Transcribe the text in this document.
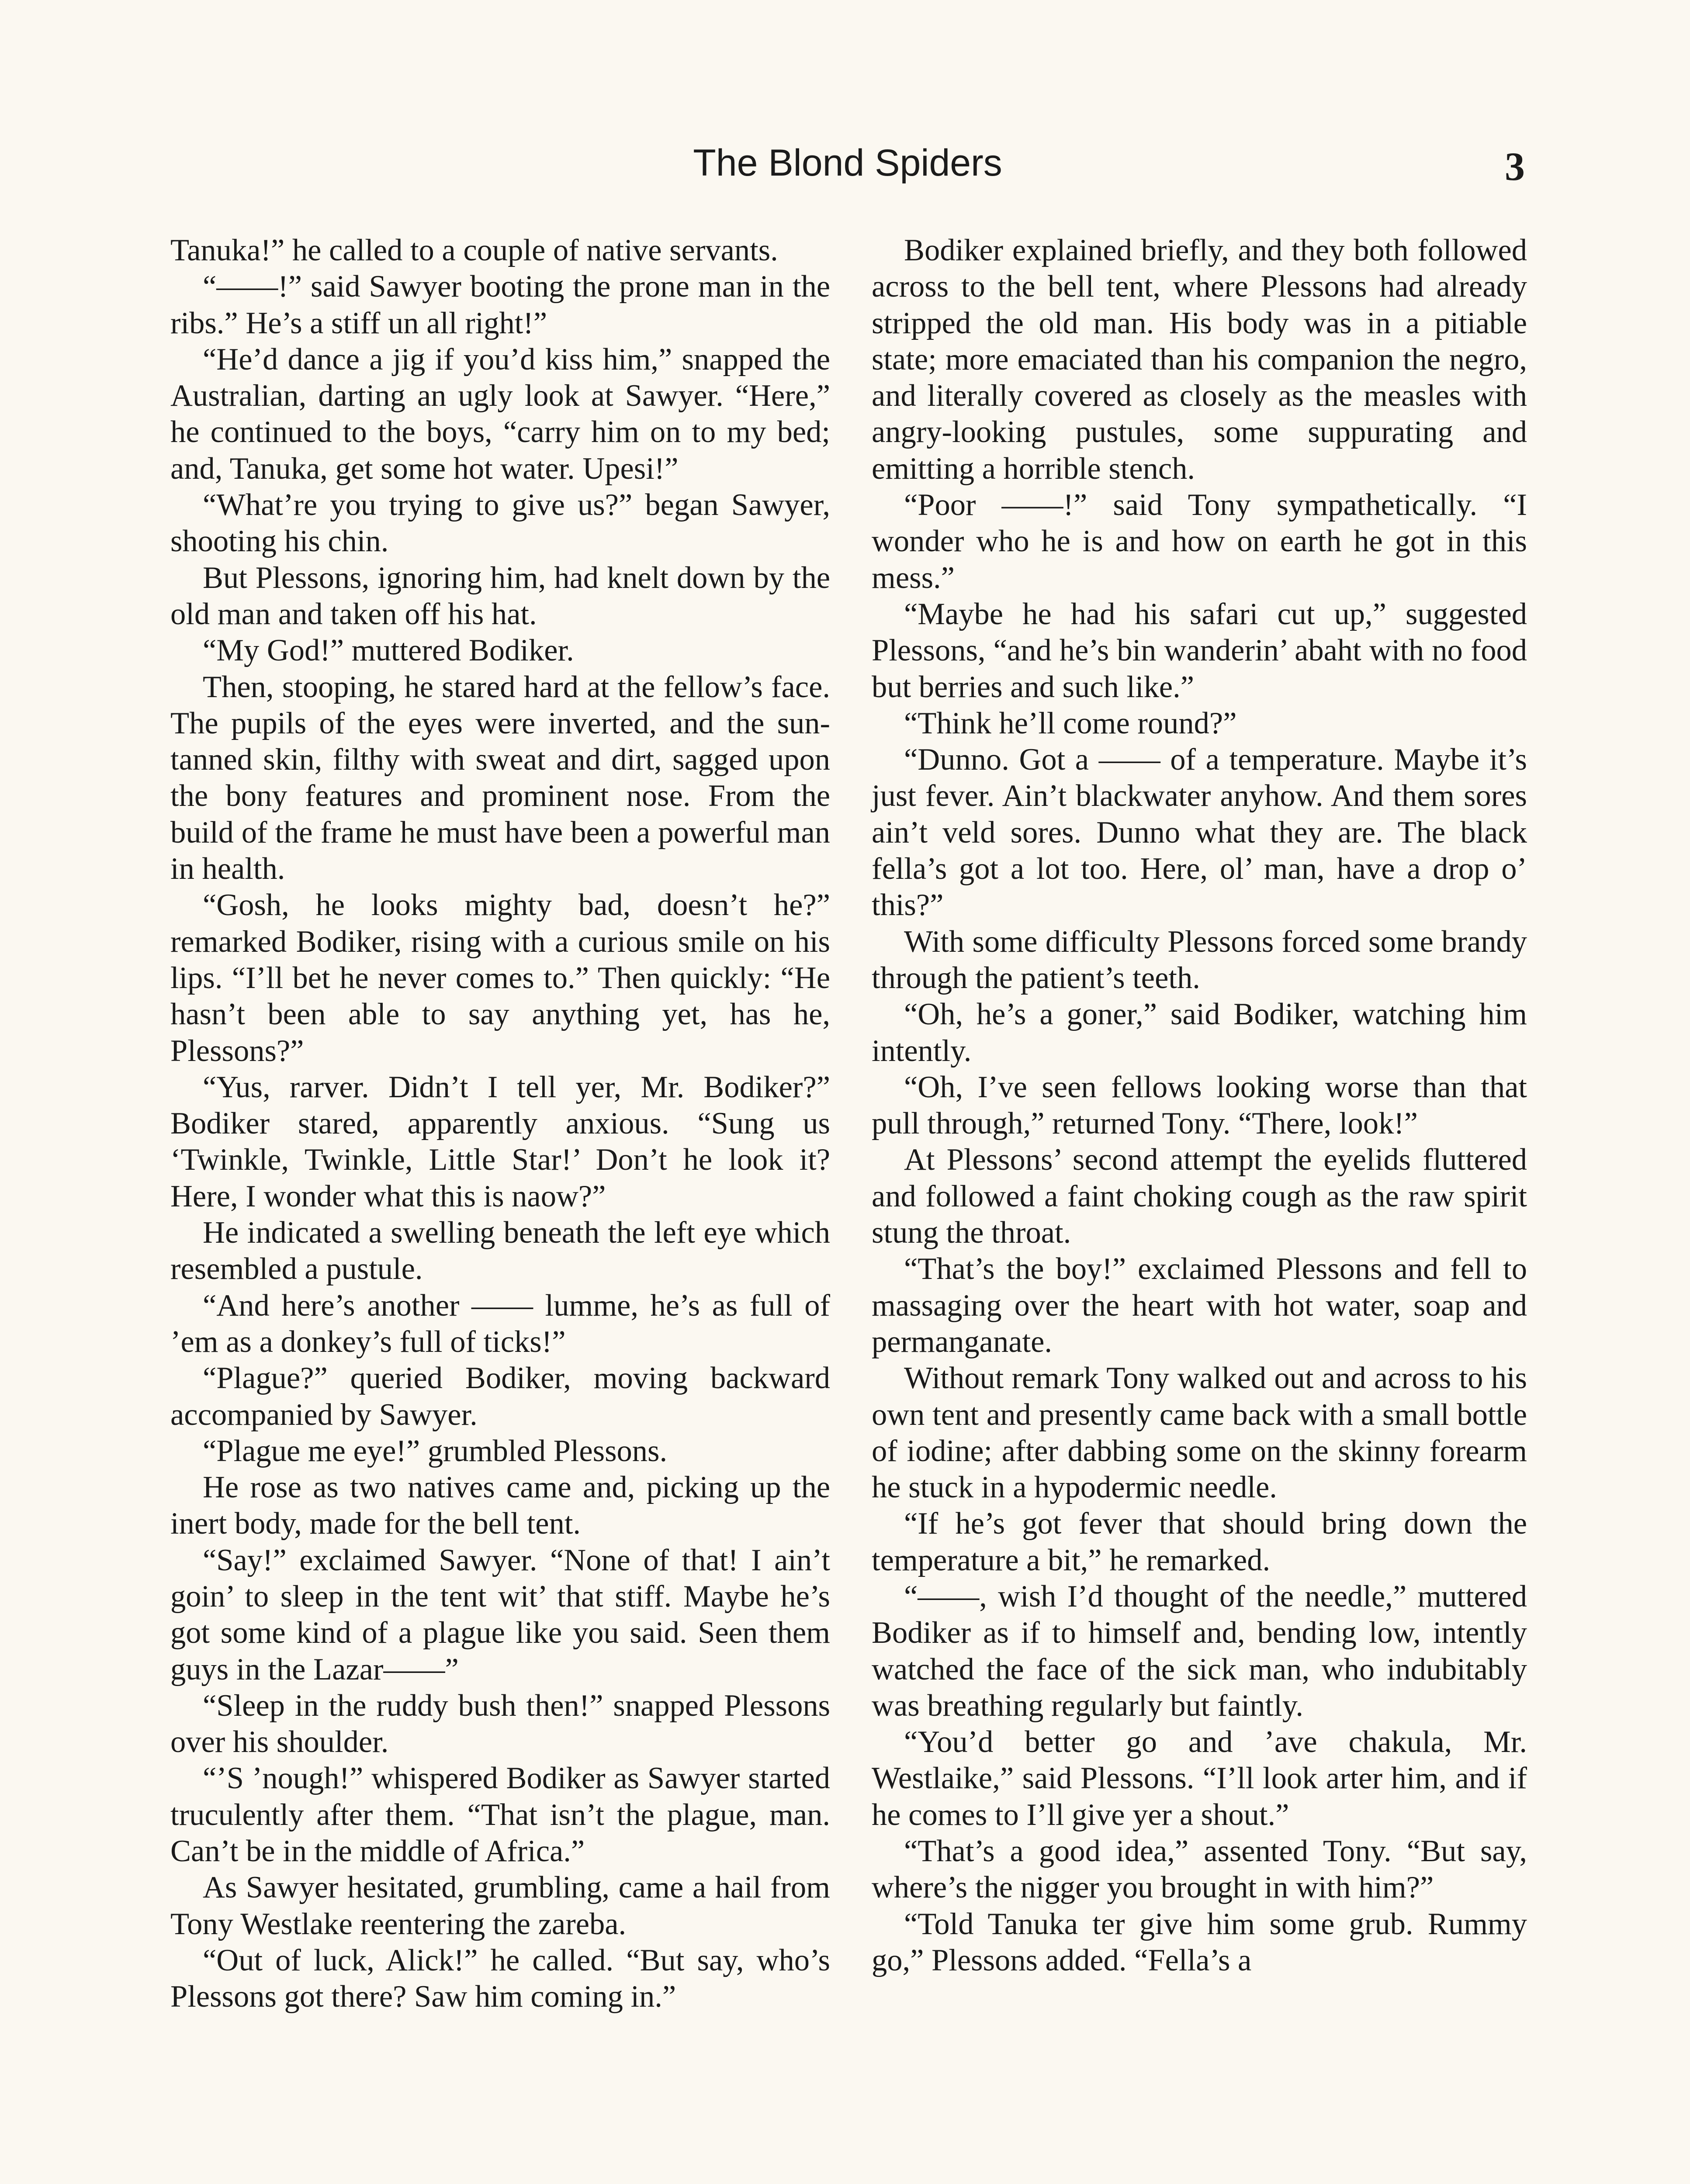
The Blond Spiders	3

Tanuka!” he called to a couple of native servants.

“——!” said Sawyer booting the prone man in the ribs.” He’s a stiff un all right!”

“He’d dance a jig if you’d kiss him,” snapped the Australian, darting an ugly look at Sawyer. “Here,” he continued to the boys, “carry him on to my bed; and, Tanuka, get some hot water. Upesi!”

“What’re you trying to give us?” began Sawyer, shooting his chin.

But Plessons, ignoring him, had knelt down by the old man and taken off his hat.

“My God!” muttered Bodiker.

Then, stooping, he stared hard at the fellow’s face. The pupils of the eyes were inverted, and the sun-tanned skin, filthy with sweat and dirt, sagged upon the bony features and prominent nose. From the build of the frame he must have been a powerful man in health.

“Gosh, he looks mighty bad, doesn’t he?” remarked Bodiker, rising with a curious smile on his lips. “I’ll bet he never comes to.” Then quickly: “He hasn’t been able to say anything yet, has he, Plessons?”

“Yus, rarver. Didn’t I tell yer, Mr. Bodiker?” Bodiker stared, apparently anxious. “Sung us ‘Twinkle, Twinkle, Little Star!’ Don’t he look it? Here, I wonder what this is naow?”

He indicated a swelling beneath the left eye which resembled a pustule.

“And here’s another —— lumme, he’s as full of ’em as a donkey’s full of ticks!”

“Plague?” queried Bodiker, moving backward accompanied by Sawyer.

“Plague me eye!” grumbled Plessons.

He rose as two natives came and, picking up the inert body, made for the bell tent.

“Say!” exclaimed Sawyer. “None of that! I ain’t goin’ to sleep in the tent wit’ that stiff. Maybe he’s got some kind of a plague like you said. Seen them guys in the Lazar——”

“Sleep in the ruddy bush then!” snapped Plessons over his shoulder.

“’S ’nough!” whispered Bodiker as Sawyer started truculently after them. “That isn’t the plague, man. Can’t be in the middle of Africa.”

As Sawyer hesitated, grumbling, came a hail from Tony Westlake reentering the zareba.

“Out of luck, Alick!” he called. “But say, who’s Plessons got there? Saw him coming in.”

Bodiker explained briefly, and they both followed across to the bell tent, where Plessons had already stripped the old man. His body was in a pitiable state; more emaciated than his companion the negro, and literally covered as closely as the measles with angry-looking pustules, some suppurating and emitting a horrible stench.

“Poor ——!” said Tony sympathetically. “I wonder who he is and how on earth he got in this mess.”

“Maybe he had his safari cut up,” suggested Plessons, “and he’s bin wanderin’ abaht with no food but berries and such like.”

“Think he’ll come round?”

“Dunno. Got a —— of a temperature. Maybe it’s just fever. Ain’t blackwater anyhow. And them sores ain’t veld sores. Dunno what they are. The black fella’s got a lot too. Here, ol’ man, have a drop o’ this?”

With some difficulty Plessons forced some brandy through the patient’s teeth.

“Oh, he’s a goner,” said Bodiker, watching him intently.

“Oh, I’ve seen fellows looking worse than that pull through,” returned Tony. “There, look!”

At Plessons’ second attempt the eyelids fluttered and followed a faint choking cough as the raw spirit stung the throat.

“That’s the boy!” exclaimed Plessons and fell to massaging over the heart with hot water, soap and permanganate.

Without remark Tony walked out and across to his own tent and presently came back with a small bottle of iodine; after dabbing some on the skinny forearm he stuck in a hypodermic needle.

“If he’s got fever that should bring down the temperature a bit,” he remarked.

“——, wish I’d thought of the needle,” muttered Bodiker as if to himself and, bending low, intently watched the face of the sick man, who indubitably was breathing regularly but faintly.

“You’d better go and ’ave chakula, Mr. Westlaike,” said Plessons. “I’ll look arter him, and if he comes to I’ll give yer a shout.”

“That’s a good idea,” assented Tony. “But say, where’s the nigger you brought in with him?”

“Told Tanuka ter give him some grub. Rummy go,” Plessons added. “Fella’s a
